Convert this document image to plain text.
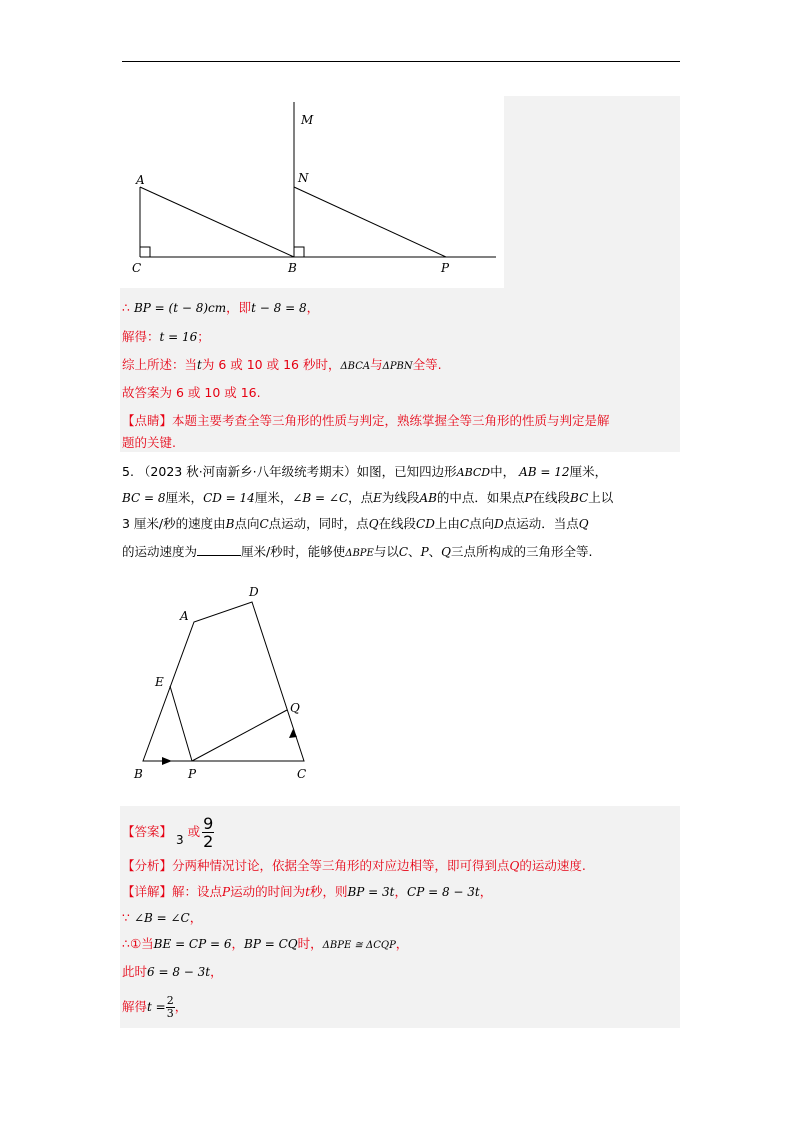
M
N
A
C	B	P
∴ BP = (t − 8)cm，即t − 8 = 8，
解得：t = 16；
综上所述：当t为 6 或 10 或 16 秒时，ΔBCA与ΔPBN全等.
故答案为 6 或 10 或 16.
【点睛】本题主要考查全等三角形的性质与判定，熟练掌握全等三角形的性质与判定是解
题的关键.
5. （2023 秋·河南新乡·八年级统考期末）如图，已知四边形ABCD中， AB = 12厘米，
BC = 8厘米，CD = 14厘米，∠B = ∠C，点E为线段AB的中点．如果点P在线段BC上以
3 厘米/秒的速度由B点向C点运动，同时，点Q在线段CD上由C点向D点运动．当点Q
的运动速度为	厘米/秒时，能够使ΔBPE与以C、P、Q三点所构成的三角形全等.
D
A
E
Q
B	P	C
【答案】 3 或 $\frac{9}{2}$
【分析】分两种情况讨论，依据全等三角形的对应边相等，即可得到点Q的运动速度.
【详解】解：设点P运动的时间为t秒，则BP = 3t，CP = 8 − 3t，
∵ ∠B = ∠C，
∴①当BE = CP = 6，BP = CQ时，ΔBPE ≅ ΔCQP，
此时6 = 8 − 3t，
解得$t = \frac{2}{3}$，
